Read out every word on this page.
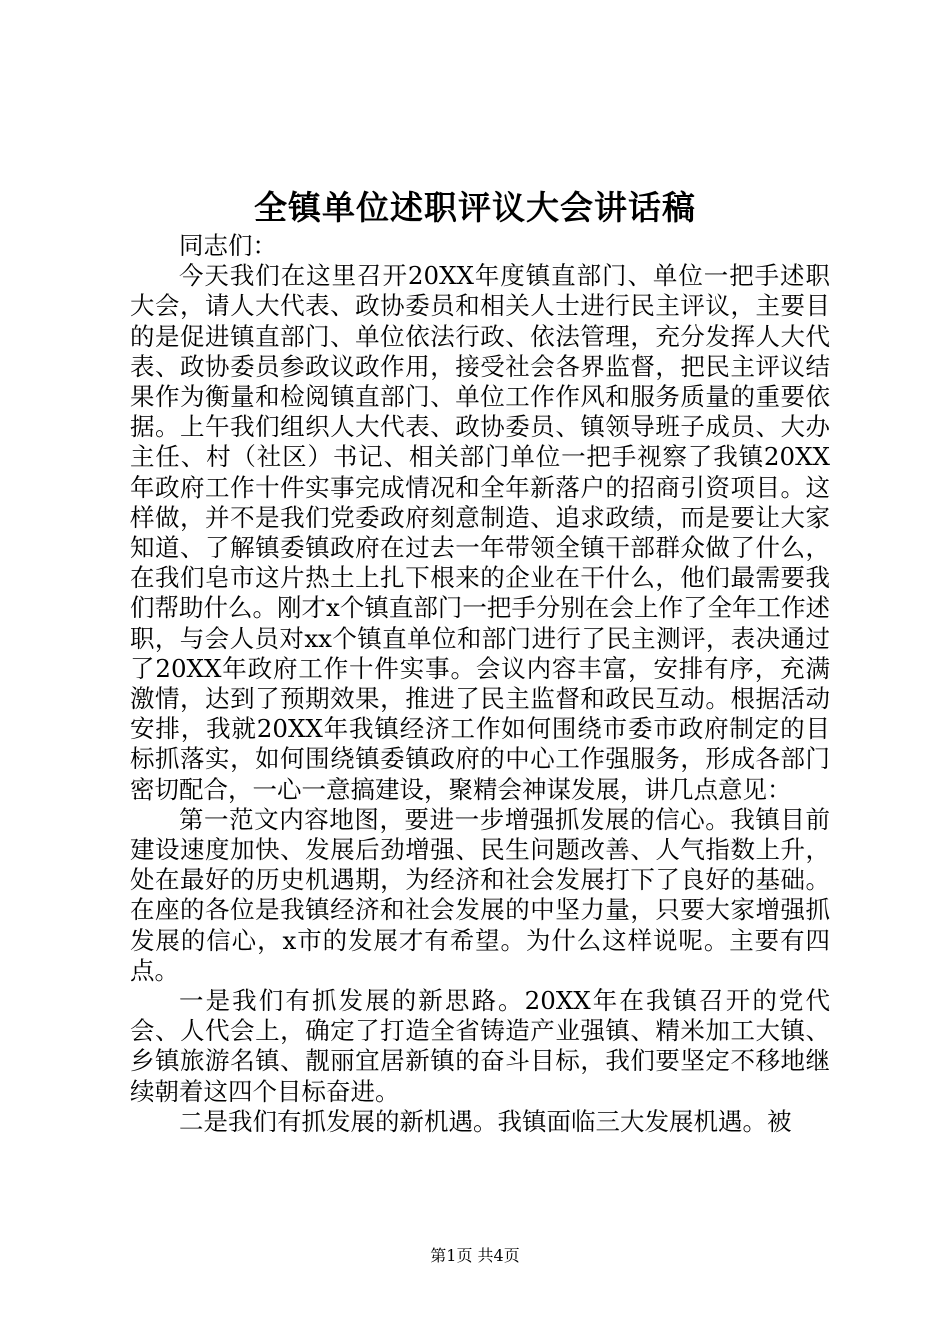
全镇单位述职评议大会讲话稿

同志们：

今天我们在这里召开20XX年度镇直部门、单位一把手述职大会，请人大代表、政协委员和相关人士进行民主评议，主要目的是促进镇直部门、单位依法行政、依法管理，充分发挥人大代表、政协委员参政议政作用，接受社会各界监督，把民主评议结果作为衡量和检阅镇直部门、单位工作作风和服务质量的重要依据。上午我们组织人大代表、政协委员、镇领导班子成员、大办主任、村（社区）书记、相关部门单位一把手视察了我镇20XX年政府工作十件实事完成情况和全年新落户的招商引资项目。这样做，并不是我们党委政府刻意制造、追求政绩，而是要让大家知道、了解镇委镇政府在过去一年带领全镇干部群众做了什么，在我们皂市这片热土上扎下根来的企业在干什么，他们最需要我们帮助什么。刚才x个镇直部门一把手分别在会上作了全年工作述职，与会人员对xx个镇直单位和部门进行了民主测评，表决通过了20XX年政府工作十件实事。会议内容丰富，安排有序，充满激情，达到了预期效果，推进了民主监督和政民互动。根据活动安排，我就20XX年我镇经济工作如何围绕市委市政府制定的目标抓落实，如何围绕镇委镇政府的中心工作强服务，形成各部门密切配合，一心一意搞建设，聚精会神谋发展，讲几点意见：

第一范文内容地图，要进一步增强抓发展的信心。我镇目前建设速度加快、发展后劲增强、民生问题改善、人气指数上升，处在最好的历史机遇期，为经济和社会发展打下了良好的基础。在座的各位是我镇经济和社会发展的中坚力量，只要大家增强抓发展的信心，x市的发展才有希望。为什么这样说呢。主要有四点。

一是我们有抓发展的新思路。20XX年在我镇召开的党代会、人代会上，确定了打造全省铸造产业强镇、精米加工大镇、乡镇旅游名镇、靓丽宜居新镇的奋斗目标，我们要坚定不移地继续朝着这四个目标奋进。

二是我们有抓发展的新机遇。我镇面临三大发展机遇。被

第1页 共4页
